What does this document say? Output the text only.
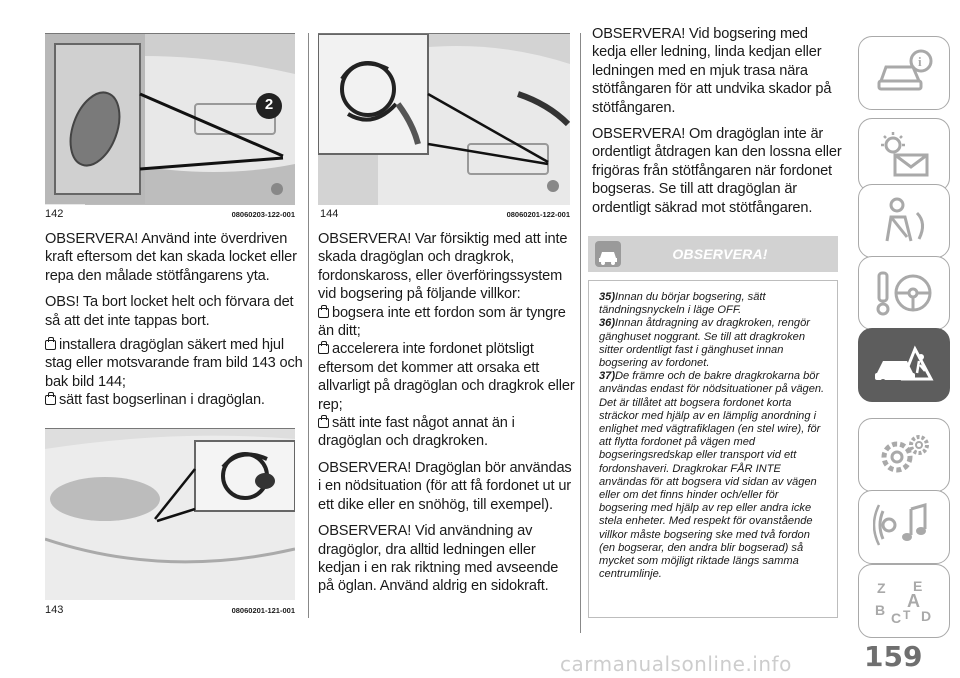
2
142	08060203-122-001 144	08060201-122-001
143	08060201-121-001

OBSERVERA! Använd inte överdriven kraft eftersom det kan skada locket eller repa den målade stötfångarens yta.

OBS! Ta bort locket helt och förvara det så att det inte tappas bort.

installera dragöglan säkert med hjul stag eller motsvarande fram bild 143 och bak bild 144;

sätt fast bogserlinan i dragöglan.

OBSERVERA! Var försiktig med att inte skada dragöglan och dragkrok, fordonskaross, eller överföringssystem vid bogsering på följande villkor:

bogsera inte ett fordon som är tyngre än ditt;

accelerera inte fordonet plötsligt eftersom det kommer att orsaka ett allvarligt på dragöglan och dragkrok eller rep;

sätt inte fast något annat än i dragöglan och dragkroken.

OBSERVERA! Dragöglan bör användas i en nödsituation (för att få fordonet ut ur ett dike eller en snöhög, till exempel).

OBSERVERA! Vid användning av dragöglor, dra alltid ledningen eller kedjan i en rak riktning med avseende på öglan. Använd aldrig en sidokraft.

OBSERVERA! Vid bogsering med kedja eller ledning, linda kedjan eller ledningen med en mjuk trasa nära stötfångaren för att undvika skador på stötfångaren.

OBSERVERA! Om dragöglan inte är ordentligt åtdragen kan den lossna eller frigöras från stötfångaren när fordonet bogseras. Se till att dragöglan är ordentligt säkrad mot stötfångaren.

OBSERVERA!

35)Innan du börjar bogsering, sätt tändningsnyckeln i läge OFF.

36)Innan åtdragning av dragkroken, rengör gänghuset noggrant. Se till att dragkroken sitter ordentligt fast i gänghuset innan bogsering av fordonet.

37)De främre och de bakre dragkrokarna bör användas endast för nödsituationer på vägen. Det är tillåtet att bogsera fordonet korta sträckor med hjälp av en lämplig anordning i enlighet med vägtrafiklagen (en stel wire), för att flytta fordonet på vägen med bogseringsredskap eller transport vid ett fordonshaveri. Dragkrokar FÅR INTE användas för att bogsera vid sidan av vägen eller om det finns hinder och/eller för bogsering med hjälp av rep eller andra icke stela enheter. Med respekt för ovanstående villkor måste bogsering ske med två fordon (en bogserar, den andra blir bogserad) så mycket som möjligt riktade längs samma centrumlinje.

i
Z E
B C T
A
D
159
carmanualsonline.info
